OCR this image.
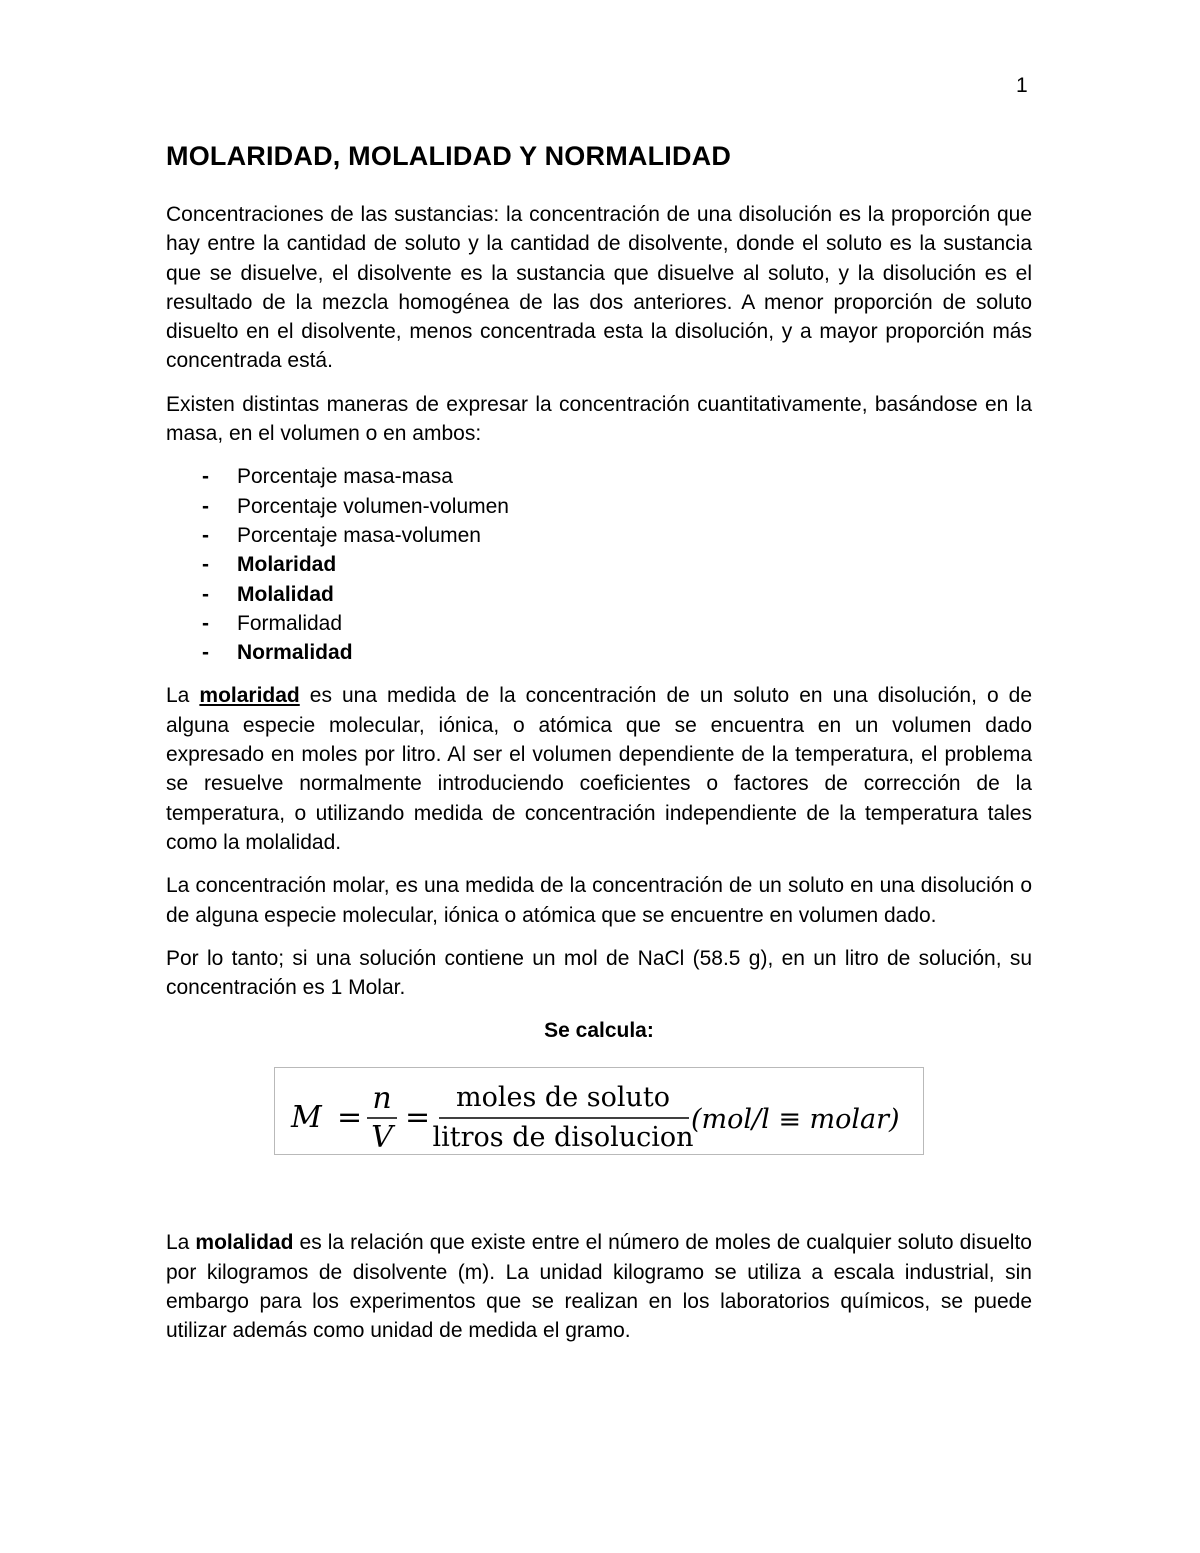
1
MOLARIDAD, MOLALIDAD Y NORMALIDAD

Concentraciones de las sustancias: la concentración de una disolución es la proporción que hay entre la cantidad de soluto y la cantidad de disolvente, donde el soluto es la sustancia que se disuelve, el disolvente es la sustancia que disuelve al soluto, y la disolución es el resultado de la mezcla homogénea de las dos anteriores. A menor proporción de soluto disuelto en el disolvente, menos concentrada esta la disolución, y a mayor proporción más concentrada está.

Existen distintas maneras de expresar la concentración cuantitativamente, basándose en la masa, en el volumen o en ambos:

- Porcentaje masa-masa
- Porcentaje volumen-volumen
- Porcentaje masa-volumen
- Molaridad
- Molalidad
- Formalidad
- Normalidad

La molaridad es una medida de la concentración de un soluto en una disolución, o de alguna especie molecular, iónica, o atómica que se encuentra en un volumen dado expresado en moles por litro. Al ser el volumen dependiente de la temperatura, el problema se resuelve normalmente introduciendo coeficientes o factores de corrección de la temperatura, o utilizando medida de concentración independiente de la temperatura tales como la molalidad.

La concentración molar, es una medida de la concentración de un soluto en una disolución o de alguna especie molecular, iónica o atómica que se encuentre en volumen dado.

Por lo tanto; si una solución contiene un mol de NaCl (58.5 g), en un litro de solución, su concentración es 1 Molar.

Se calcula:
M =
n
V
=
moles de soluto
litros de disolucion
(mol/l ≡ molar)

La molalidad es la relación que existe entre el número de moles de cualquier soluto disuelto por kilogramos de disolvente (m). La unidad kilogramo se utiliza a escala industrial, sin embargo para los experimentos que se realizan en los laboratorios químicos, se puede utilizar además como unidad de medida el gramo.
